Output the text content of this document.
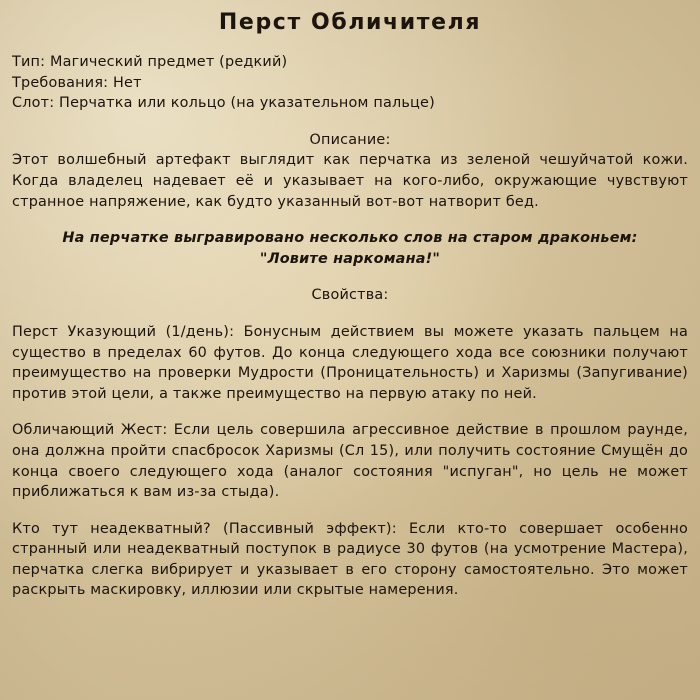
Перст Обличителя
Тип: Магический предмет (редкий)
Требования: Нет
Слот: Перчатка или кольцо (на указательном пальце)
Описание:

Этот волшебный артефакт выглядит как перчатка из зеленой чешуйчатой кожи. Когда владелец надевает её и указывает на кого-либо, окружающие чувствуют странное напряжение, как будто указанный вот-вот натворит бед.

На перчатке выгравировано несколько слов на старом драконьем:
"Ловите наркомана!"
Свойства:

Перст Указующий (1/день): Бонусным действием вы можете указать пальцем на существо в пределах 60 футов. До конца следующего хода все союзники получают преимущество на проверки Мудрости (Проницательность) и Харизмы (Запугивание) против этой цели, а также преимущество на первую атаку по ней.

Обличающий Жест: Если цель совершила агрессивное действие в прошлом раунде, она должна пройти спасбросок Харизмы (Сл 15), или получить состояние Смущён до конца своего следующего хода (аналог состояния "испуган", но цель не может приближаться к вам из-за стыда).

Кто тут неадекватный? (Пассивный эффект): Если кто-то совершает особенно странный или неадекватный поступок в радиусе 30 футов (на усмотрение Мастера), перчатка слегка вибрирует и указывает в его сторону самостоятельно. Это может раскрыть маскировку, иллюзии или скрытые намерения.
